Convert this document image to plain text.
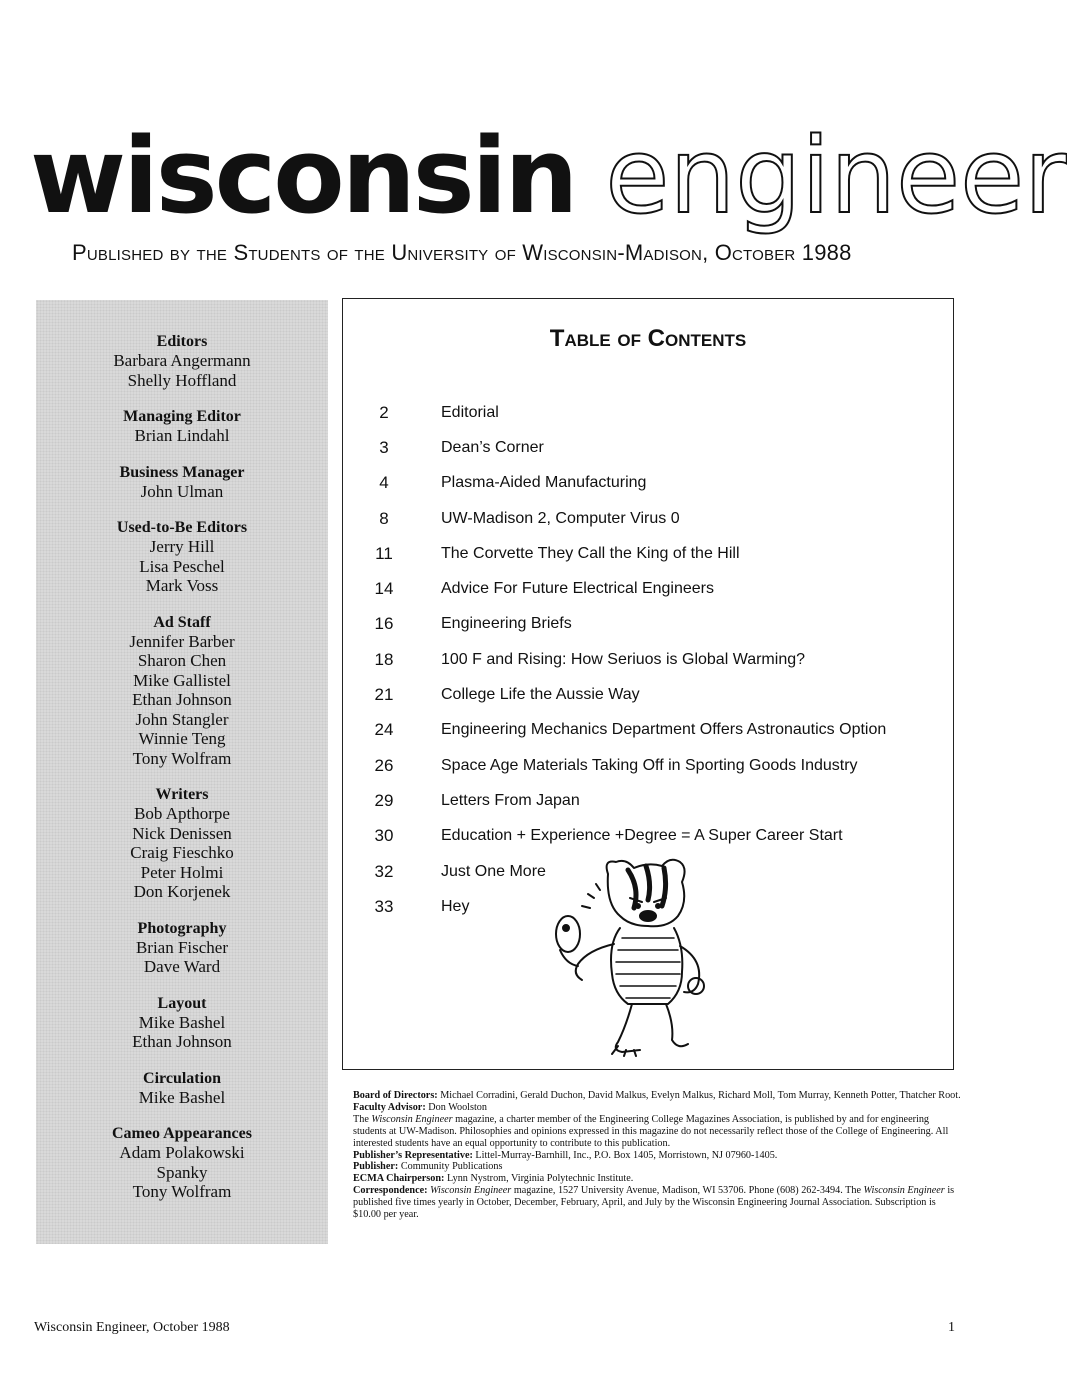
wisconsin engineer
Published by the Students of the University of Wisconsin-Madison, October 1988
Editors
Barbara Angermann
Shelly Hoffland
Managing Editor
Brian Lindahl
Business Manager
John Ulman
Used-to-Be Editors
Jerry Hill
Lisa Peschel
Mark Voss
Ad Staff
Jennifer Barber
Sharon Chen
Mike Gallistel
Ethan Johnson
John Stangler
Winnie Teng
Tony Wolfram
Writers
Bob Apthorpe
Nick Denissen
Craig Fieschko
Peter Holmi
Don Korjenek
Photography
Brian Fischer
Dave Ward
Layout
Mike Bashel
Ethan Johnson
Circulation
Mike Bashel
Cameo Appearances
Adam Polakowski
Spanky
Tony Wolfram
Table of Contents
2	Editorial
3	Dean’s Corner
4	Plasma-Aided Manufacturing
8	UW-Madison 2, Computer Virus 0
11	The Corvette They Call the King of the Hill
14	Advice For Future Electrical Engineers
16	Engineering Briefs
18	100 F and Rising: How Seriuos is Global Warming?
21	College Life the Aussie Way
24	Engineering Mechanics Department Offers Astronautics Option
26	Space Age Materials Taking Off in Sporting Goods Industry
29	Letters From Japan
30	Education + Experience +Degree = A Super Career Start
32	Just One More
33	Hey
Board of Directors: Michael Corradini, Gerald Duchon, David Malkus, Evelyn Malkus, Richard Moll, Tom Murray, Kenneth Potter, Thatcher Root.
Faculty Advisor: Don Woolston
The Wisconsin Engineer magazine, a charter member of the Engineering College Magazines Association, is published by and for engineering students at UW-Madison. Philosophies and opinions expressed in this magazine do not necessarily reflect those of the College of Engineering. All interested students have an equal opportunity to contribute to this publication.
Publisher’s Representative: Littel-Murray-Barnhill, Inc., P.O. Box 1405, Morristown, NJ 07960-1405.
Publisher: Community Publications
ECMA Chairperson: Lynn Nystrom, Virginia Polytechnic Institute.
Correspondence: Wisconsin Engineer magazine, 1527 University Avenue, Madison, WI 53706. Phone (608) 262-3494. The Wisconsin Engineer is published five times yearly in October, December, February, April, and July by the Wisconsin Engineering Journal Association. Subscription is $10.00 per year.
Wisconsin Engineer, October 1988	1
